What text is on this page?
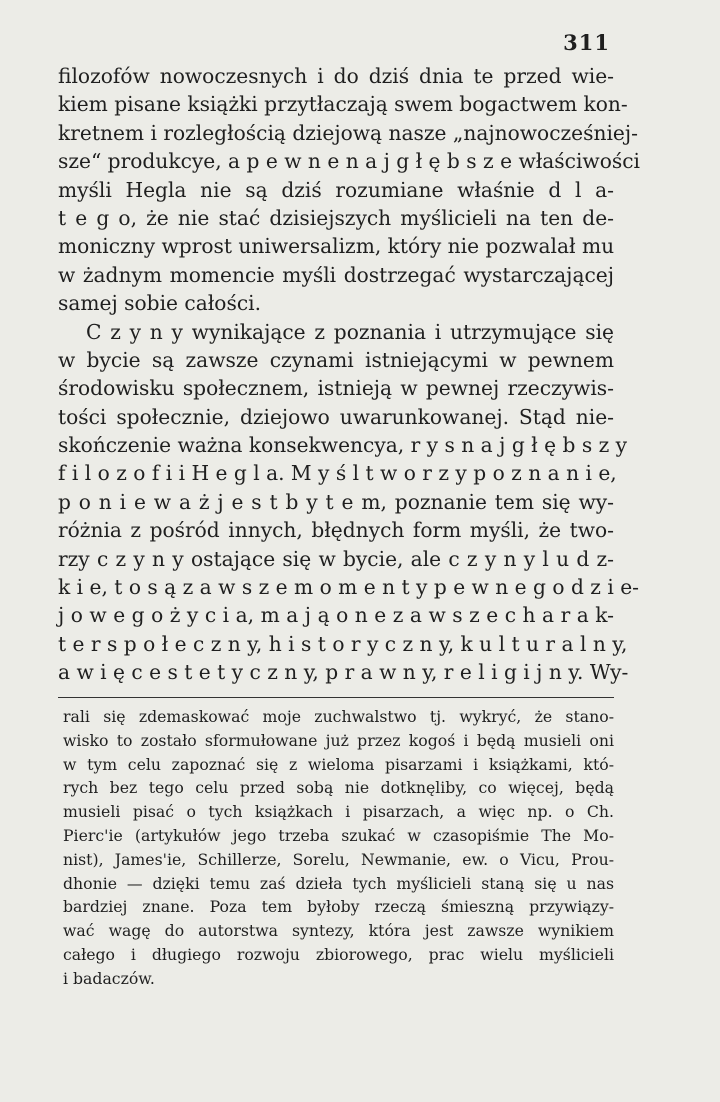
311
filozofów nowoczesnych i do dziś dnia te przed wie-
kiem pisane książki przytłaczają swem bogactwem kon-
kretnem i rozległością dziejową nasze „najnowocześniej-
sze“ produkcye, a p e w n e n a j g ł ę b s z e właściwości
myśli Hegla nie są dziś rozumiane właśnie d l a-
t e g o, że nie stać dzisiejszych myślicieli na ten de-
moniczny wprost uniwersalizm, który nie pozwalał mu
w żadnym momencie myśli dostrzegać wystarczającej
samej sobie całości.
C z y n y wynikające z poznania i utrzymujące się
w bycie są zawsze czynami istniejącymi w pewnem
środowisku społecznem, istnieją w pewnej rzeczywis-
tości społecznie, dziejowo uwarunkowanej. Stąd nie-
skończenie ważna konsekwencya, r y s n a j g ł ę b s z y
f i l o z o f i i H e g l a. M y ś l t w o r z y p o z n a n i e,
p o n i e w a ż j e s t b y t e m, poznanie tem się wy-
różnia z pośród innych, błędnych form myśli, że two-
rzy c z y n y ostające się w bycie, ale c z y n y l u d z-
k i e, t o s ą z a w s z e m o m e n t y p e w n e g o d z i e-
j o w e g o ż y c i a, m a j ą o n e z a w s z e c h a r a k-
t e r s p o ł e c z n y, h i s t o r y c z n y, k u l t u r a l n y,
a w i ę c e s t e t y c z n y, p r a w n y, r e l i g i j n y. Wy-
rali się zdemaskować moje zuchwalstwo tj. wykryć, że stano-
wisko to zostało sformułowane już przez kogoś i będą musieli oni
w tym celu zapoznać się z wieloma pisarzami i książkami, któ-
rych bez tego celu przed sobą nie dotknęliby, co więcej, będą
musieli pisać o tych książkach i pisarzach, a więc np. o Ch.
Pierc'ie (artykułów jego trzeba szukać w czasopiśmie The Mo-
nist), James'ie, Schillerze, Sorelu, Newmanie, ew. o Vicu, Prou-
dhonie — dzięki temu zaś dzieła tych myślicieli staną się u nas
bardziej znane. Poza tem byłoby rzeczą śmieszną przywiązy-
wać wagę do autorstwa syntezy, która jest zawsze wynikiem
całego i długiego rozwoju zbiorowego, prac wielu myślicieli
i badaczów.
